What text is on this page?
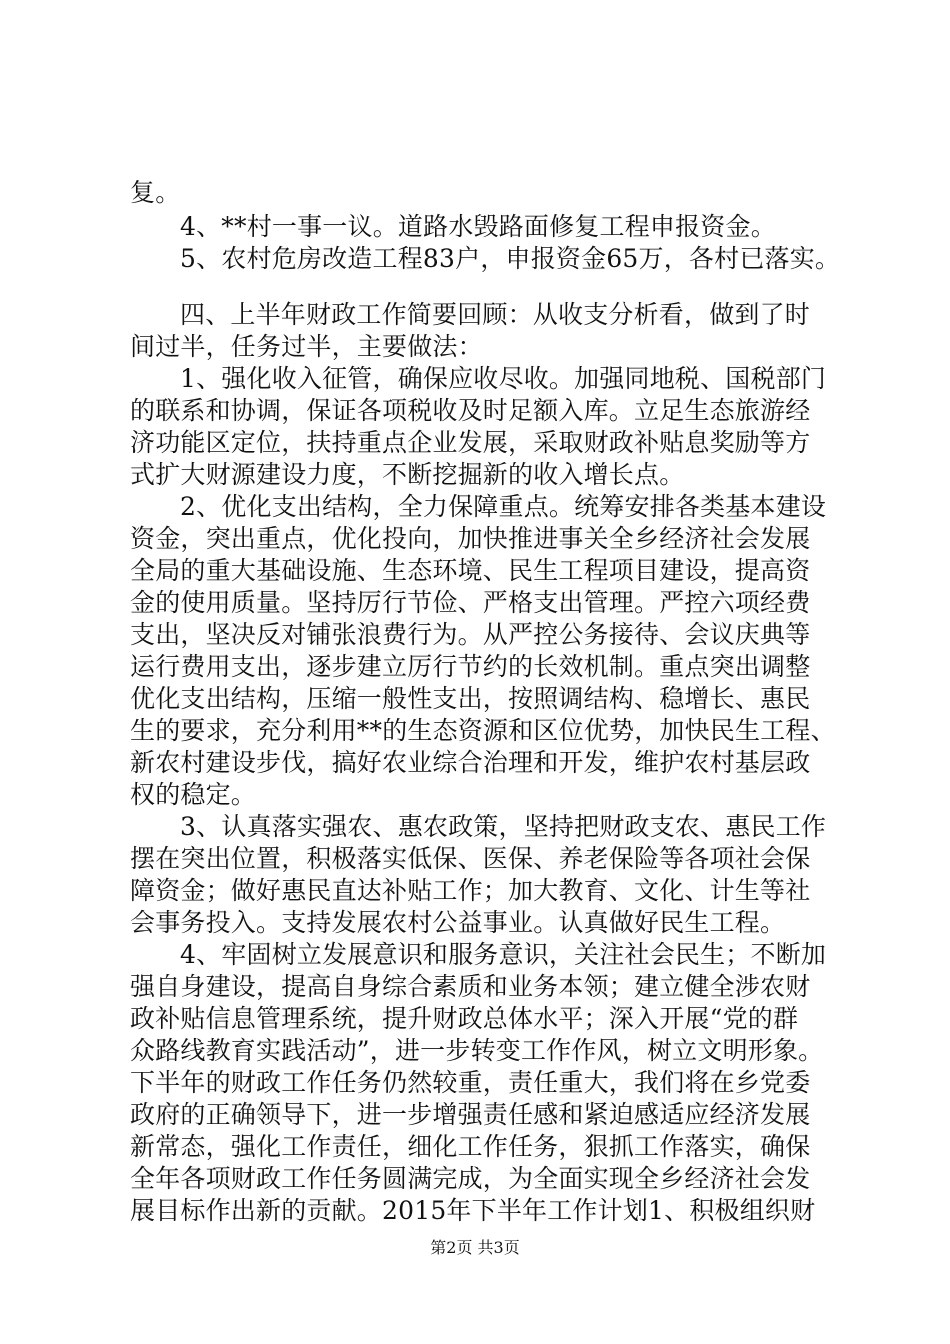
复。

4、**村一事一议。道路水毁路面修复工程申报资金。

5、农村危房改造工程83户，申报资金65万，各村已落实。

四、上半年财政工作简要回顾：从收支分析看，做到了时

间过半，任务过半，主要做法：

1、强化收入征管，确保应收尽收。加强同地税、国税部门

的联系和协调，保证各项税收及时足额入库。立足生态旅游经

济功能区定位，扶持重点企业发展，采取财政补贴息奖励等方

式扩大财源建设力度，不断挖掘新的收入增长点。

2、优化支出结构，全力保障重点。统筹安排各类基本建设

资金，突出重点，优化投向，加快推进事关全乡经济社会发展

全局的重大基础设施、生态环境、民生工程项目建设，提高资

金的使用质量。坚持厉行节俭、严格支出管理。严控六项经费

支出，坚决反对铺张浪费行为。从严控公务接待、会议庆典等

运行费用支出，逐步建立厉行节约的长效机制。重点突出调整

优化支出结构，压缩一般性支出，按照调结构、稳增长、惠民

生的要求，充分利用**的生态资源和区位优势，加快民生工程、

新农村建设步伐，搞好农业综合治理和开发，维护农村基层政

权的稳定。

3、认真落实强农、惠农政策，坚持把财政支农、惠民工作

摆在突出位置，积极落实低保、医保、养老保险等各项社会保

障资金；做好惠民直达补贴工作；加大教育、文化、计生等社

会事务投入。支持发展农村公益事业。认真做好民生工程。

4、牢固树立发展意识和服务意识，关注社会民生；不断加

强自身建设，提高自身综合素质和业务本领；建立健全涉农财

政补贴信息管理系统，提升财政总体水平；深入开展“党的群

众路线教育实践活动”，进一步转变工作作风，树立文明形象。

下半年的财政工作任务仍然较重，责任重大，我们将在乡党委

政府的正确领导下，进一步增强责任感和紧迫感适应经济发展

新常态，强化工作责任，细化工作任务，狠抓工作落实，确保

全年各项财政工作任务圆满完成，为全面实现全乡经济社会发

展目标作出新的贡献。2015年下半年工作计划1、积极组织财

第2页 共3页
